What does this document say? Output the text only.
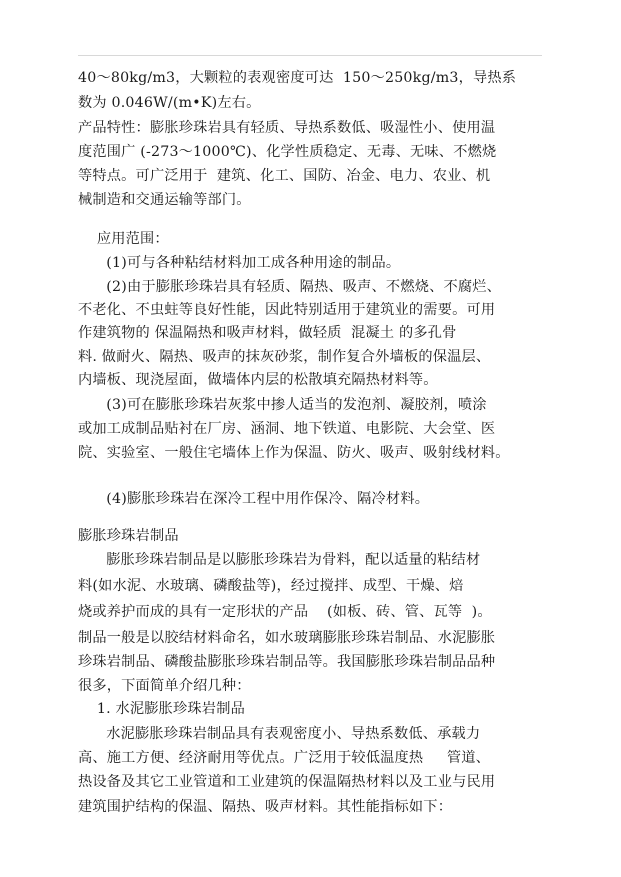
40～80kg/m3，大颗粒的表观密度可达  150～250kg/m3，导热系
数为 0.046W/(m•K)左右。
产品特性：膨胀珍珠岩具有轻质、导热系数低、吸湿性小、使用温
度范围广 (-273～1000℃)、化学性质稳定、无毒、无味、不燃烧
等特点。可广泛用于  建筑、化工、国防、冶金、电力、农业、机
械制造和交通运输等部门。
应用范围：
(1)可与各种粘结材料加工成各种用途的制品。
(2)由于膨胀珍珠岩具有轻质、隔热、吸声、不燃烧、不腐烂、
不老化、不虫蛀等良好性能，因此特别适用于建筑业的需要。可用
作建筑物的 保温隔热和吸声材料，做轻质  混凝土 的多孔骨
料. 做耐火、隔热、吸声的抹灰砂浆，制作复合外墙板的保温层、
内墙板、现浇屋面，做墙体内层的松散填充隔热材料等。
(3)可在膨胀珍珠岩灰浆中掺人适当的发泡剂、凝胶剂，喷涂
或加工成制品贴衬在厂房、涵洞、地下铁道、电影院、大会堂、医
院、实验室、一般住宅墙体上作为保温、防火、吸声、吸射线材料。
(4)膨胀珍珠岩在深冷工程中用作保冷、隔冷材料。
膨胀珍珠岩制品
膨胀珍珠岩制品是以膨胀珍珠岩为骨料，配以适量的粘结材
料(如水泥、水玻璃、磷酸盐等)，经过搅拌、成型、干燥、焙
烧或养护而成的具有一定形状的产品    (如板、砖、管、瓦等  )。
制品一般是以胶结材料命名，如水玻璃膨胀珍珠岩制品、水泥膨胀
珍珠岩制品、磷酸盐膨胀珍珠岩制品等。我国膨胀珍珠岩制品品种
很多，下面简单介绍几种：
1. 水泥膨胀珍珠岩制品
水泥膨胀珍珠岩制品具有表观密度小、导热系数低、承载力
高、施工方便、经济耐用等优点。广泛用于较低温度热     管道、
热设备及其它工业管道和工业建筑的保温隔热材料以及工业与民用
建筑围护结构的保温、隔热、吸声材料。其性能指标如下：
